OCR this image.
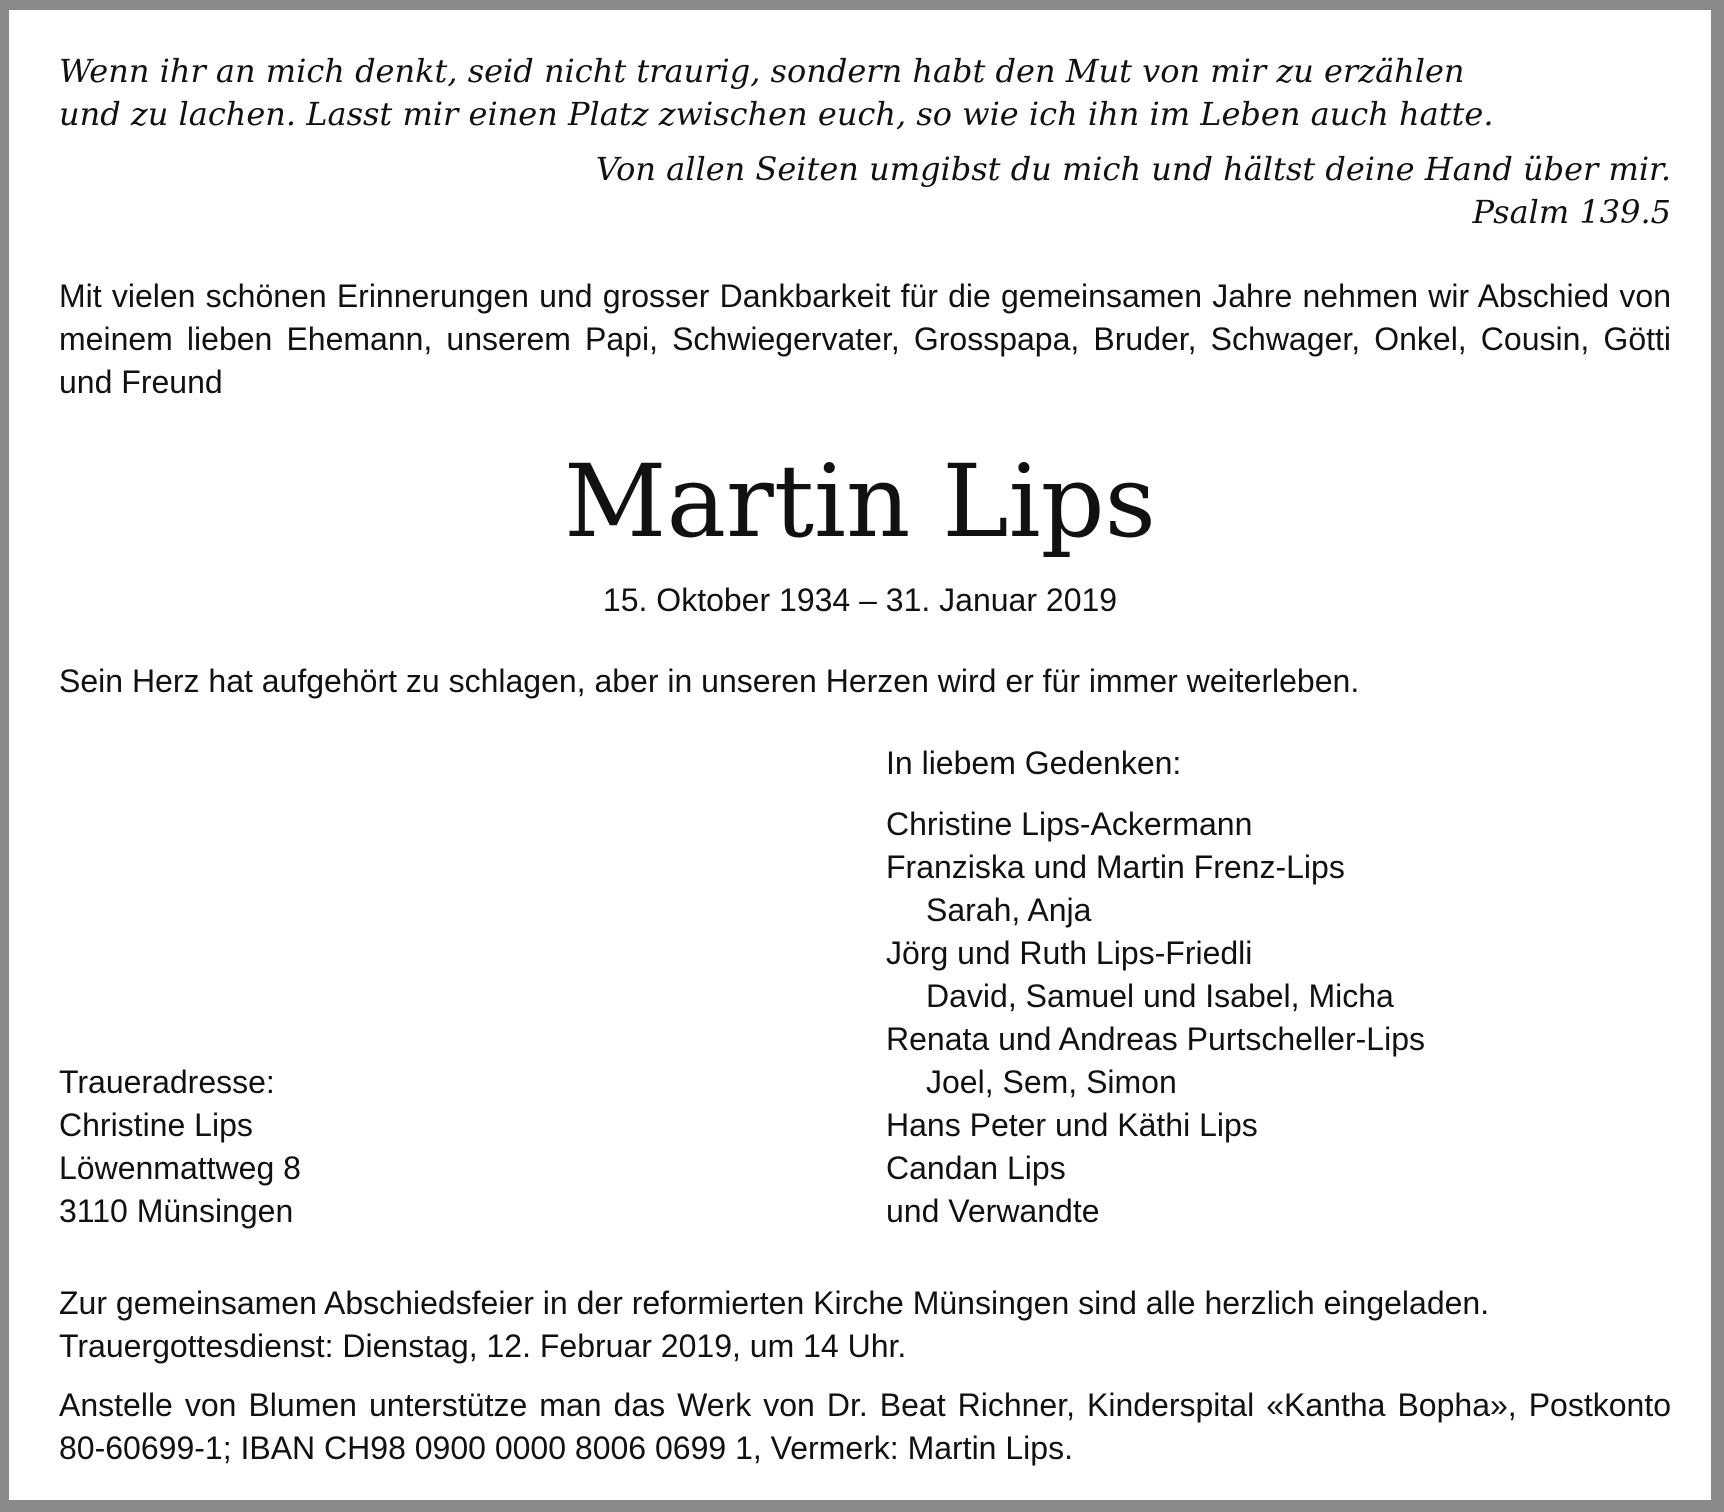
Wenn ihr an mich denkt, seid nicht traurig, sondern habt den Mut von mir zu erzählen

und zu lachen. Lasst mir einen Platz zwischen euch, so wie ich ihn im Leben auch hatte.

Von allen Seiten umgibst du mich und hältst deine Hand über mir.

Psalm 139.5

Mit vielen schönen Erinnerungen und grosser Dankbarkeit für die gemeinsamen Jahre nehmen wir Abschied von meinem lieben Ehemann, unserem Papi, Schwiegervater, Grosspapa, Bruder, Schwager, Onkel, Cousin, Götti und Freund

Martin Lips

15. Oktober 1934 – 31. Januar 2019

Sein Herz hat aufgehört zu schlagen, aber in unseren Herzen wird er für immer weiterleben.

In liebem Gedenken:

Christine Lips-Ackermann
Franziska und Martin Frenz-Lips
Sarah, Anja
Jörg und Ruth Lips-Friedli
David, Samuel und Isabel, Micha
Renata und Andreas Purtscheller-Lips
Joel, Sem, Simon
Hans Peter und Käthi Lips
Candan Lips
und Verwandte
Traueradresse:
Christine Lips
Löwenmattweg 8
3110 Münsingen

Zur gemeinsamen Abschiedsfeier in der reformierten Kirche Münsingen sind alle herzlich eingeladen.

Trauergottesdienst: Dienstag, 12. Februar 2019, um 14 Uhr.

Anstelle von Blumen unterstütze man das Werk von Dr. Beat Richner, Kinderspital «Kantha Bopha», Postkonto 80-60699-1; IBAN CH98 0900 0000 8006 0699 1, Vermerk: Martin Lips.
